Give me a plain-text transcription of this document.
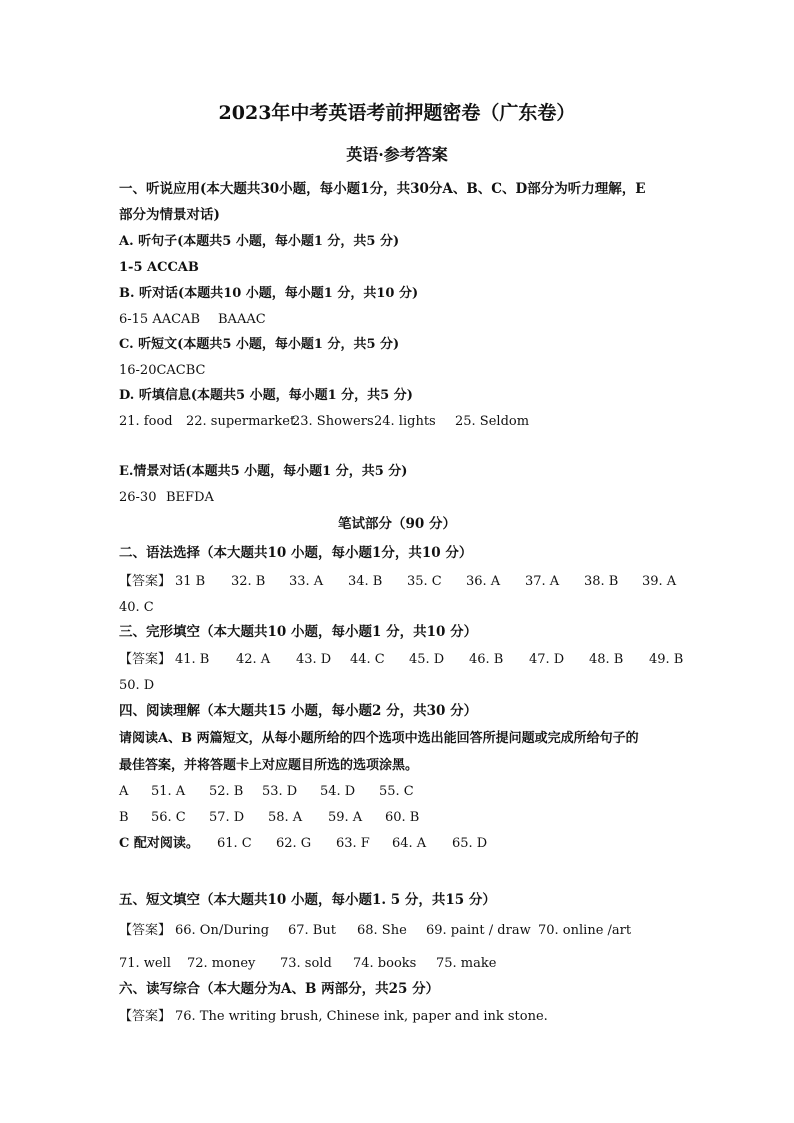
2023年中考英语考前押题密卷（广东卷）
英语·参考答案
一、听说应用(本大题共30小题，每小题1分，共30分A、B、C、D部分为听力理解，E
部分为情景对话)
A. 听句子(本题共5 小题，每小题1 分，共5 分)
1-5 ACCAB
B. 听对话(本题共10 小题，每小题1 分，共10 分)
6-15 AACAB BAAAC
C. 听短文(本题共5 小题，每小题1 分，共5 分)
16-20CACBC
D. 听填信息(本题共5 小题，每小题1 分，共5 分)
21. food 22. supermarket
23. Showers 24. lights 25. Seldom
E.情景对话(本题共5 小题，每小题1 分，共5 分)
26-30 BEFDA
笔试部分（90 分）
二、语法选择（本大题共10 小题，每小题1分，共10 分）
【答案】 31 B 32. B 33. A 34. B 35. C 36. A 37. A 38. B 39. A
40. C
三、完形填空（本大题共10 小题，每小题1 分，共10 分）
【答案】 41. B 42. A 43. D 44. C 45. D 46. B 47. D 48. B 49. B
50. D
四、阅读理解（本大题共15 小题，每小题2 分，共30 分）
请阅读A、B 两篇短文，从每小题所给的四个选项中选出能回答所提问题或完成所给句子的
最佳答案，并将答题卡上对应题目所选的选项涂黑。
A 51. A 52. B 53. D 54. D 55. C
B 56. C 57. D 58. A 59. A 60. B
C 配对阅读。 61. C 62. G 63. F 64. A 65. D
五、短文填空（本大题共10 小题，每小题1. 5 分，共15 分）
【答案】 66. On/During 67. But 68. She 69. paint / draw 70. online /art
71. well 72. money 73. sold 74. books 75. make
六、读写综合（本大题分为A、B 两部分，共25 分）
【答案】 76. The writing brush, Chinese ink, paper and ink stone.
